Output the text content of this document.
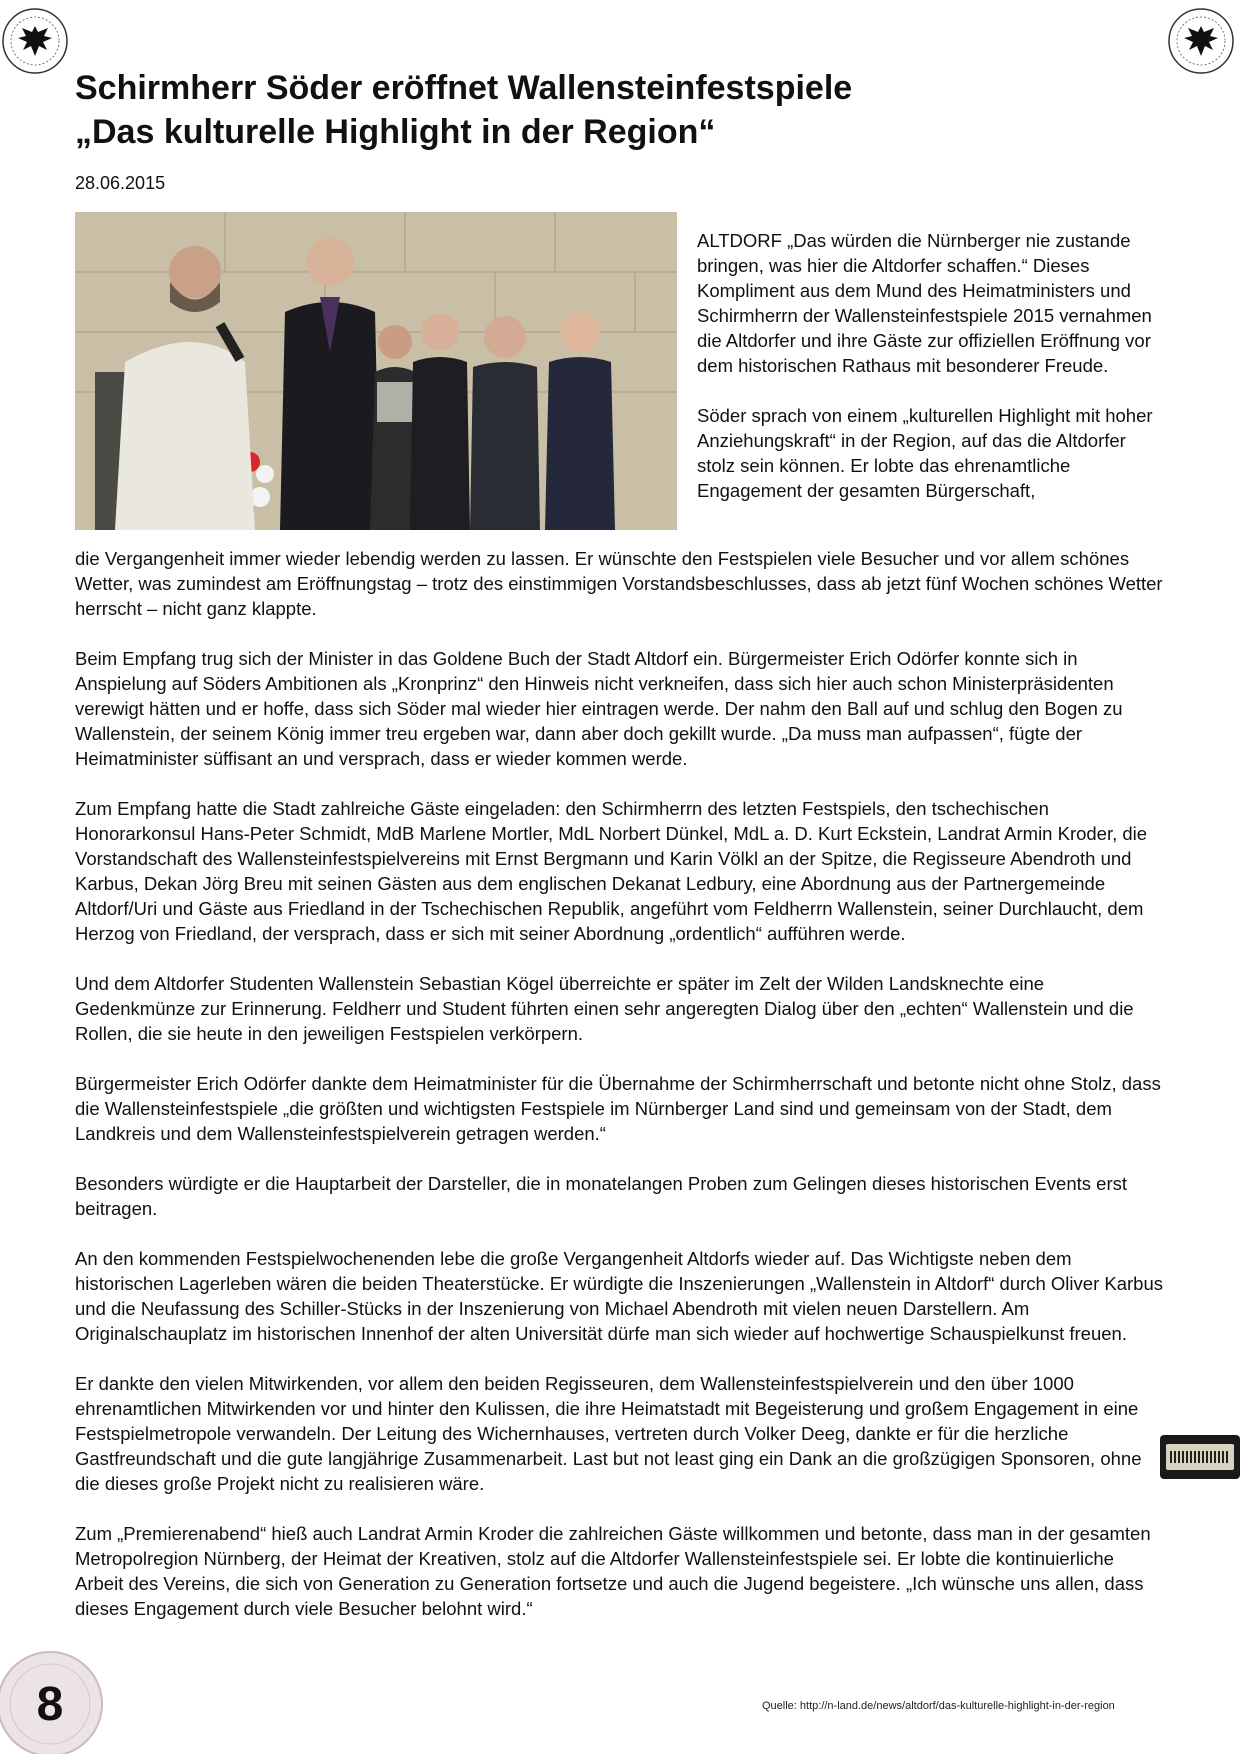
Schirmherr Söder eröffnet Wallensteinfestspiele
„Das kulturelle Highlight in der Region“
28.06.2015

ALTDORF „Das würden die Nürnberger nie zustande bringen, was hier die Altdorfer schaffen.“ Dieses Kompliment aus dem Mund des Heimatministers und Schirmherrn der Wallensteinfestspiele 2015 vernahmen die Altdorfer und ihre Gäste zur offiziellen Eröffnung vor dem historischen Rathaus mit besonderer Freude.

Söder sprach von einem „kulturellen Highlight mit hoher Anziehungskraft“ in der Region, auf das die Altdorfer stolz sein können. Er lobte das ehrenamtliche Engagement der gesamten Bürgerschaft,

die Vergangenheit immer wieder lebendig werden zu lassen. Er wünschte den Festspielen viele Besucher und vor allem schönes Wetter, was zumindest am Eröffnungstag – trotz des einstimmigen Vorstandsbeschlusses, dass ab jetzt fünf Wochen schönes Wetter herrscht – nicht ganz klappte.

Beim Empfang trug sich der Minister in das Goldene Buch der Stadt Altdorf ein. Bürgermeister Erich Odörfer konnte sich in Anspielung auf Söders Ambitionen als „Kronprinz“ den Hinweis nicht verkneifen, dass sich hier auch schon Ministerpräsidenten verewigt hätten und er hoffe, dass sich Söder mal wieder hier eintragen werde. Der nahm den Ball auf und schlug den Bogen zu Wallenstein, der seinem König immer treu ergeben war, dann aber doch gekillt wurde. „Da muss man aufpassen“, fügte der Heimatminister süffisant an und versprach, dass er wieder kommen werde.

Zum Empfang hatte die Stadt zahlreiche Gäste eingeladen: den Schirmherrn des letzten Festspiels, den tschechischen Honorarkonsul Hans-Peter Schmidt, MdB Marlene Mortler, MdL Norbert Dünkel, MdL a. D. Kurt Eckstein, Landrat Armin Kroder, die Vorstandschaft des Wallensteinfestspielvereins mit Ernst Bergmann und Karin Völkl an der Spitze, die Regisseure Abendroth und Karbus, Dekan Jörg Breu mit seinen Gästen aus dem englischen Dekanat Ledbury, eine Abordnung aus der Partnergemeinde Altdorf/Uri und Gäste aus Friedland in der Tschechischen Republik, angeführt vom Feldherrn Wallenstein, seiner Durchlaucht, dem Herzog von Friedland, der versprach, dass er sich mit seiner Abordnung „ordentlich“ aufführen werde.

Und dem Altdorfer Studenten Wallenstein Sebastian Kögel überreichte er später im Zelt der Wilden Landsknechte eine Gedenkmünze zur Erinnerung. Feldherr und Student führten einen sehr angeregten Dialog über den „echten“ Wallenstein und die Rollen, die sie heute in den jeweiligen Festspielen verkörpern.

Bürgermeister Erich Odörfer dankte dem Heimatminister für die Übernahme der Schirmherrschaft und betonte nicht ohne Stolz, dass die Wallensteinfestspiele „die größten und wichtigsten Festspiele im Nürnberger Land sind und gemeinsam von der Stadt, dem Landkreis und dem Wallensteinfestspielverein getragen werden.“

Besonders würdigte er die Hauptarbeit der Darsteller, die in monatelangen Proben zum Gelingen dieses historischen Events erst beitragen.

An den kommenden Festspielwochenenden lebe die große Vergangenheit Altdorfs wieder auf. Das Wichtigste neben dem historischen Lagerleben wären die beiden Theaterstücke. Er würdigte die Inszenierungen „Wallenstein in Altdorf“ durch Oliver Karbus und die Neufassung des Schiller-Stücks in der Inszenierung von Michael Abendroth mit vielen neuen Darstellern. Am Originalschauplatz im historischen Innenhof der alten Universität dürfe man sich wieder auf hochwertige Schauspielkunst freuen.

Er dankte den vielen Mitwirkenden, vor allem den beiden Regisseuren, dem Wallensteinfestspielverein und den über 1000 ehrenamtlichen Mitwirkenden vor und hinter den Kulissen, die ihre Heimatstadt mit Begeisterung und großem Engagement in eine Festspielmetropole verwandeln. Der Leitung des Wichernhauses, vertreten durch Volker Deeg, dankte er für die herzliche Gastfreundschaft und die gute langjährige Zusammenarbeit. Last but not least ging ein Dank an die großzügigen Sponsoren, ohne die dieses große Projekt nicht zu realisieren wäre.

Zum „Premierenabend“ hieß auch Landrat Armin Kroder die zahlreichen Gäste willkommen und betonte, dass man in der gesamten Metropolregion Nürnberg, der Heimat der Kreativen, stolz auf die Altdorfer Wallensteinfestspiele sei. Er lobte die kontinuierliche Arbeit des Vereins, die sich von Generation zu Generation fortsetze und auch die Jugend begeistere. „Ich wünsche uns allen, dass dieses Engagement durch viele Besucher belohnt wird.“

8	Quelle: http://n-land.de/news/altdorf/das-kulturelle-highlight-in-der-region
